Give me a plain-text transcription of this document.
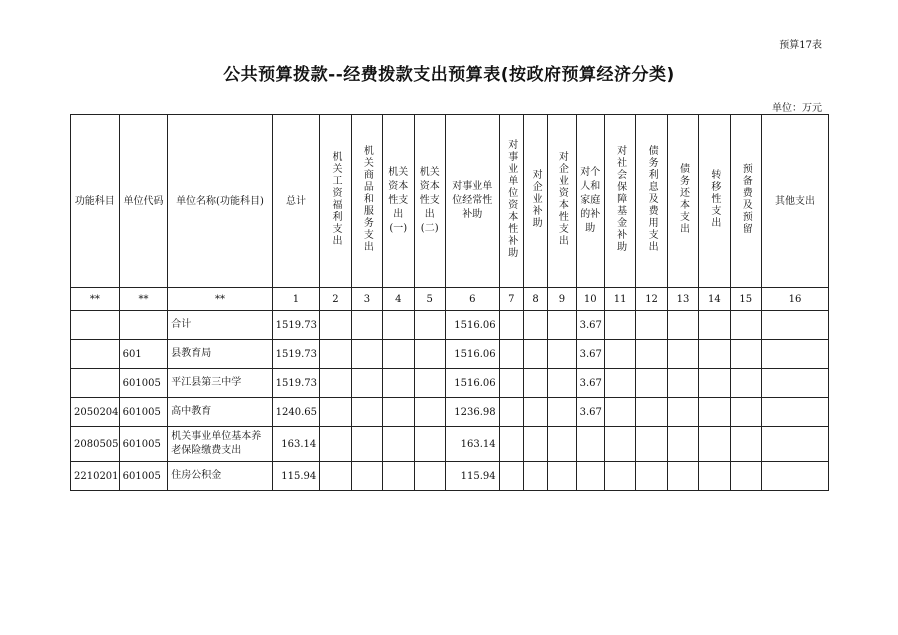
预算17表
公共预算拨款--经费拨款支出预算表(按政府预算经济分类)
单位：万元
功能科目	单位代码	单位名称(功能科目)	总计	机关工资福利支出	机关商品和服务支出	机关资本性支出(一)	机关资本性支出(二)	对事业单位经常性补助	对事业单位资本性补助	对企业补助	对企业资本性支出	对个人和家庭的补助	对社会保障基金补助	债务利息及费用支出	债务还本支出	转移性支出	预备费及预留	其他支出
**	**	**	1	2	3	4	5	6	7	8	9	10	11	12	13	14	15	16
		合计	1519.73					1516.06				3.67						
	601	县教育局	1519.73					1516.06				3.67						
	601005	平江县第三中学	1519.73					1516.06				3.67						
2050204	601005	高中教育	1240.65					1236.98				3.67						
2080505	601005	机关事业单位基本养老保险缴费支出	163.14					163.14										
2210201	601005	住房公积金	115.94					115.94										
